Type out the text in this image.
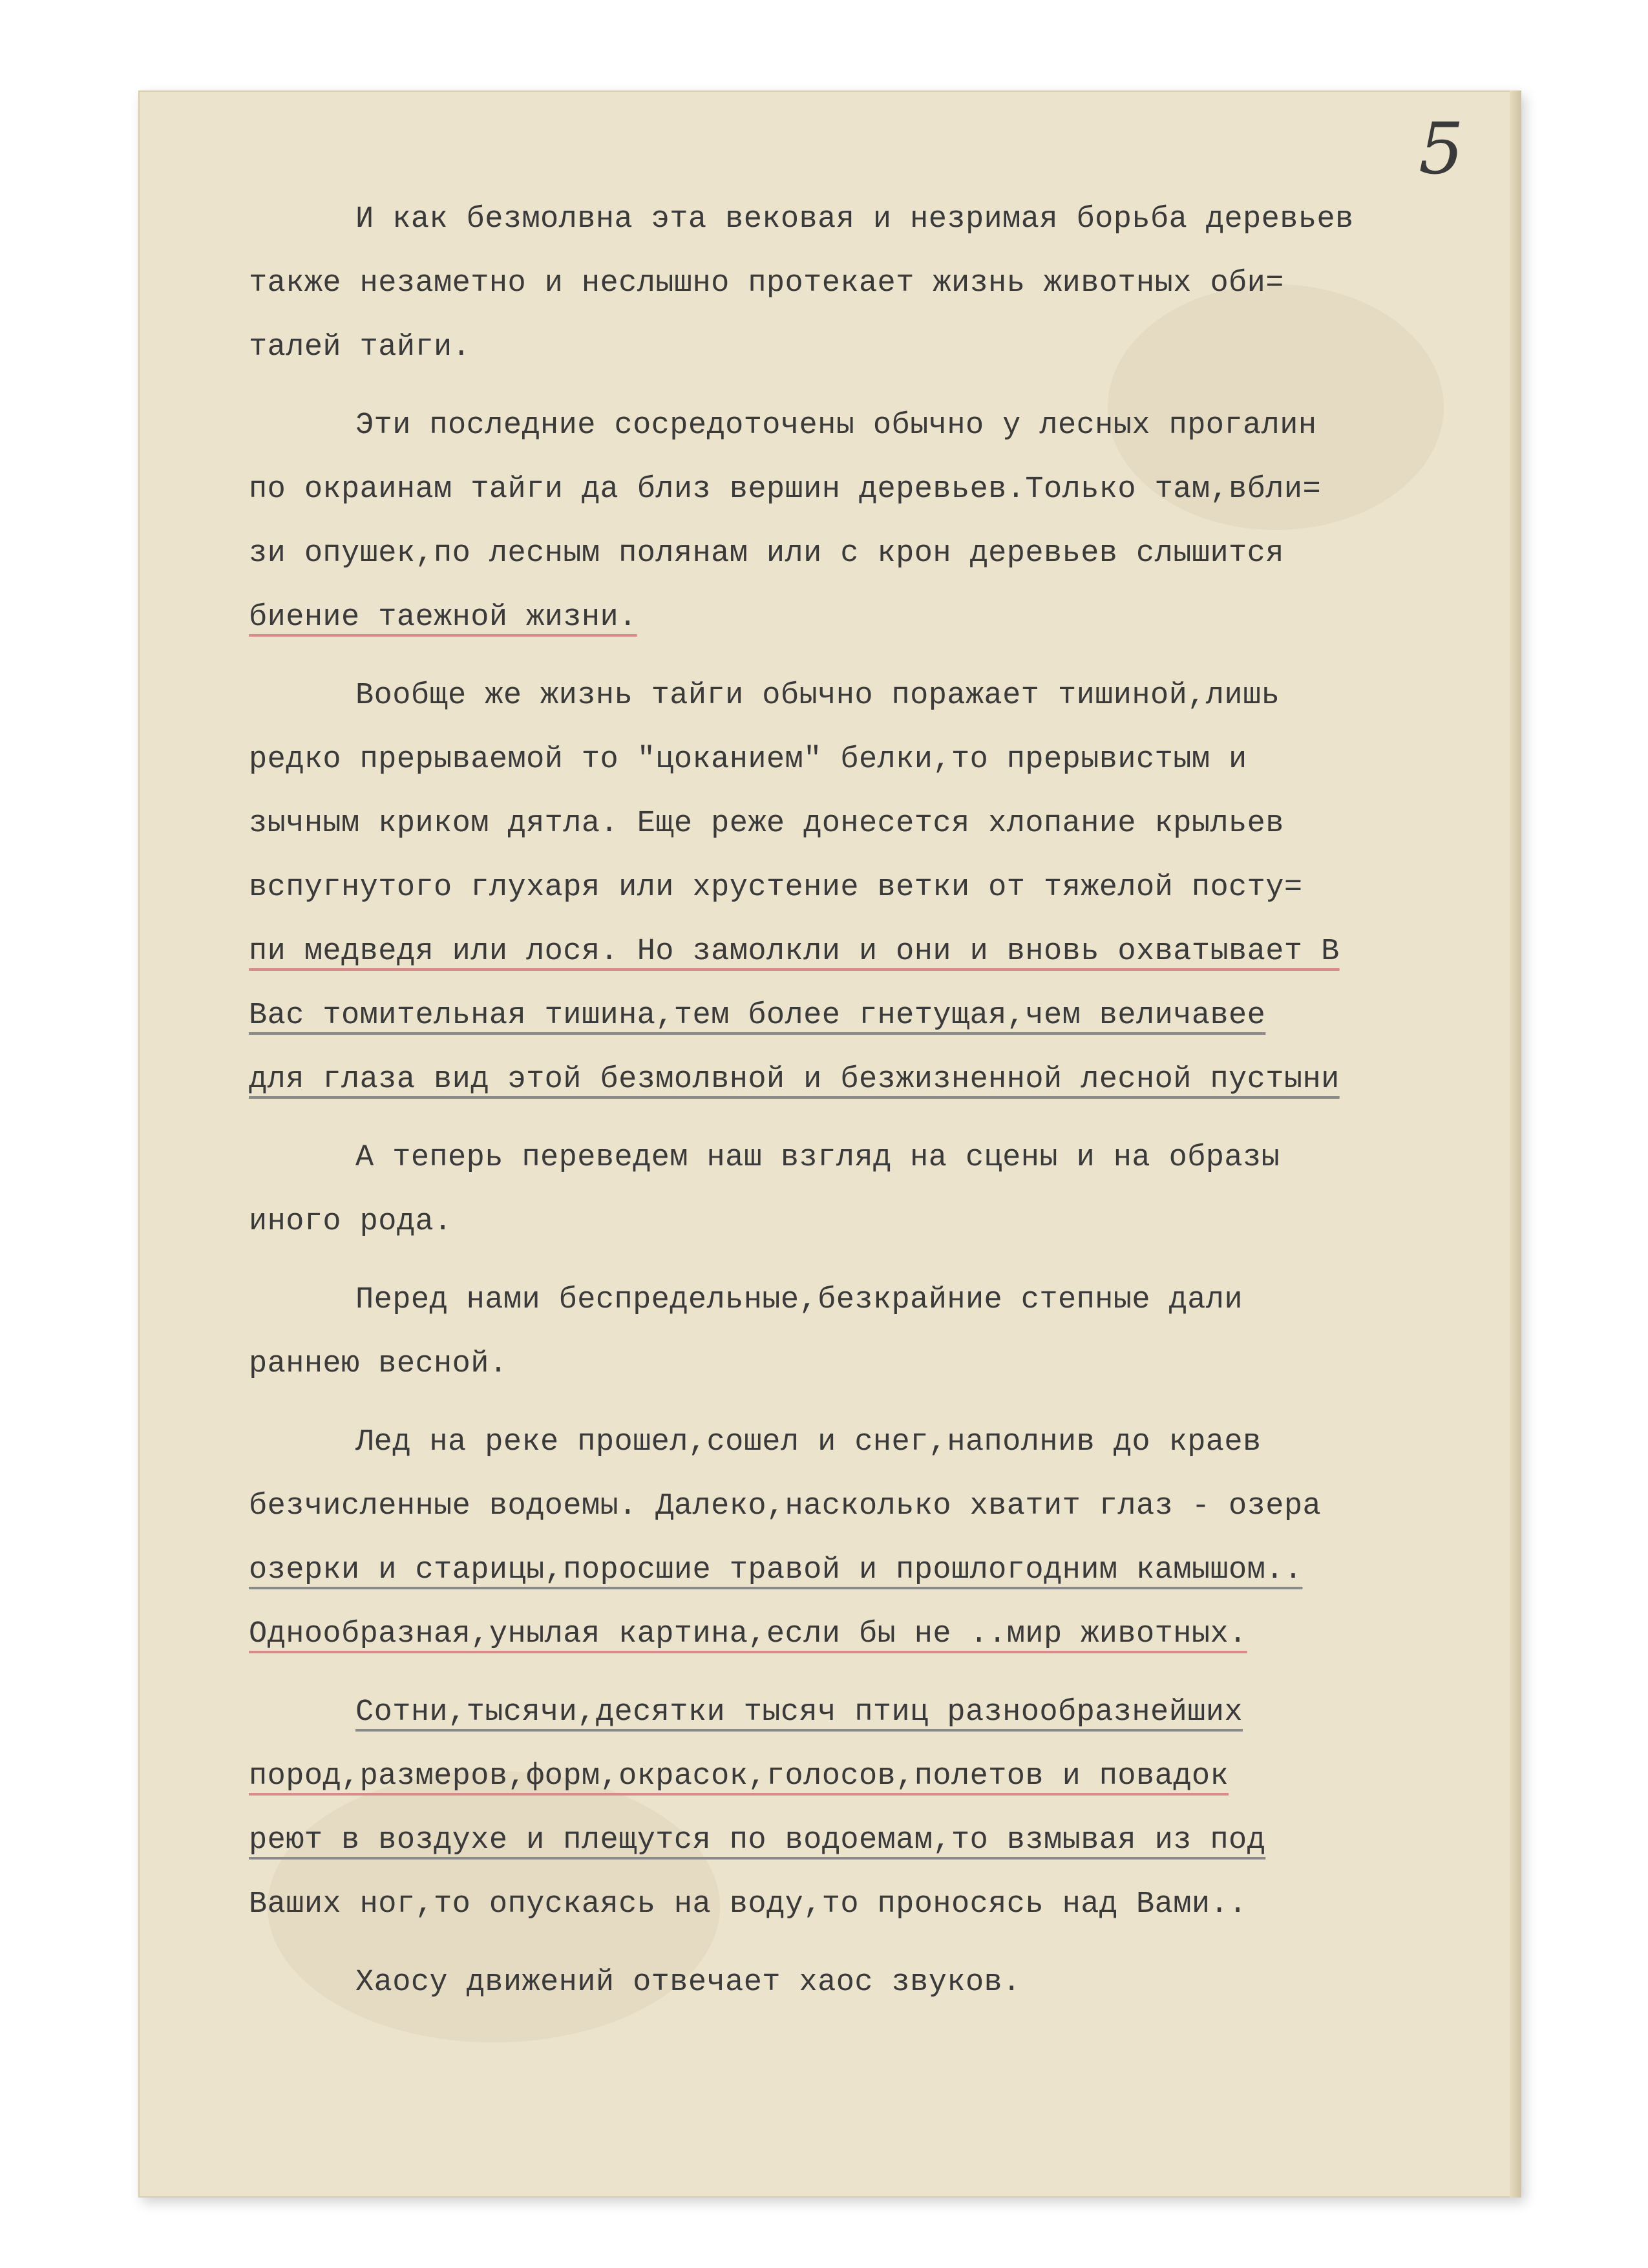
5
И как безмолвна эта вековая и незримая борьба деревьев
также незаметно и неслышно протекает жизнь животных оби=
талей тайги.
Эти последние сосредоточены обычно у лесных прогалин
по окраинам тайги да близ вершин деревьев.Только там,вбли=
зи опушек,по лесным полянам или с крон деревьев слышится
биение таежной жизни.
Вообще же жизнь тайги обычно поражает тишиной,лишь
редко прерываемой то "цоканием" белки,то прерывистым и
зычным криком дятла. Еще реже донесется хлопание крыльев
вспугнутого глухаря или хрустение ветки от тяжелой посту=
пи медведя или лося. Но замолкли и они и вновь охватывает В
Вас томительная тишина,тем более гнетущая,чем величавее
для глаза вид этой безмолвной и безжизненной лесной пустыни
А теперь переведем наш взгляд на сцены и на образы
иного рода.
Перед нами беспредельные,безкрайние степные дали
раннею весной.
Лед на реке прошел,сошел и снег,наполнив до краев
безчисленные водоемы. Далеко,насколько хватит глаз - озера
озерки и старицы,поросшие травой и прошлогодним камышом..
Однообразная,унылая картина,если бы не ..мир животных.
Сотни,тысячи,десятки тысяч птиц разнообразнейших
пород,размеров,форм,окрасок,голосов,полетов и повадок
реют в воздухе и плещутся по водоемам,то взмывая из под
Ваших ног,то опускаясь на воду,то проносясь над Вами..
Хаосу движений отвечает хаос звуков.
